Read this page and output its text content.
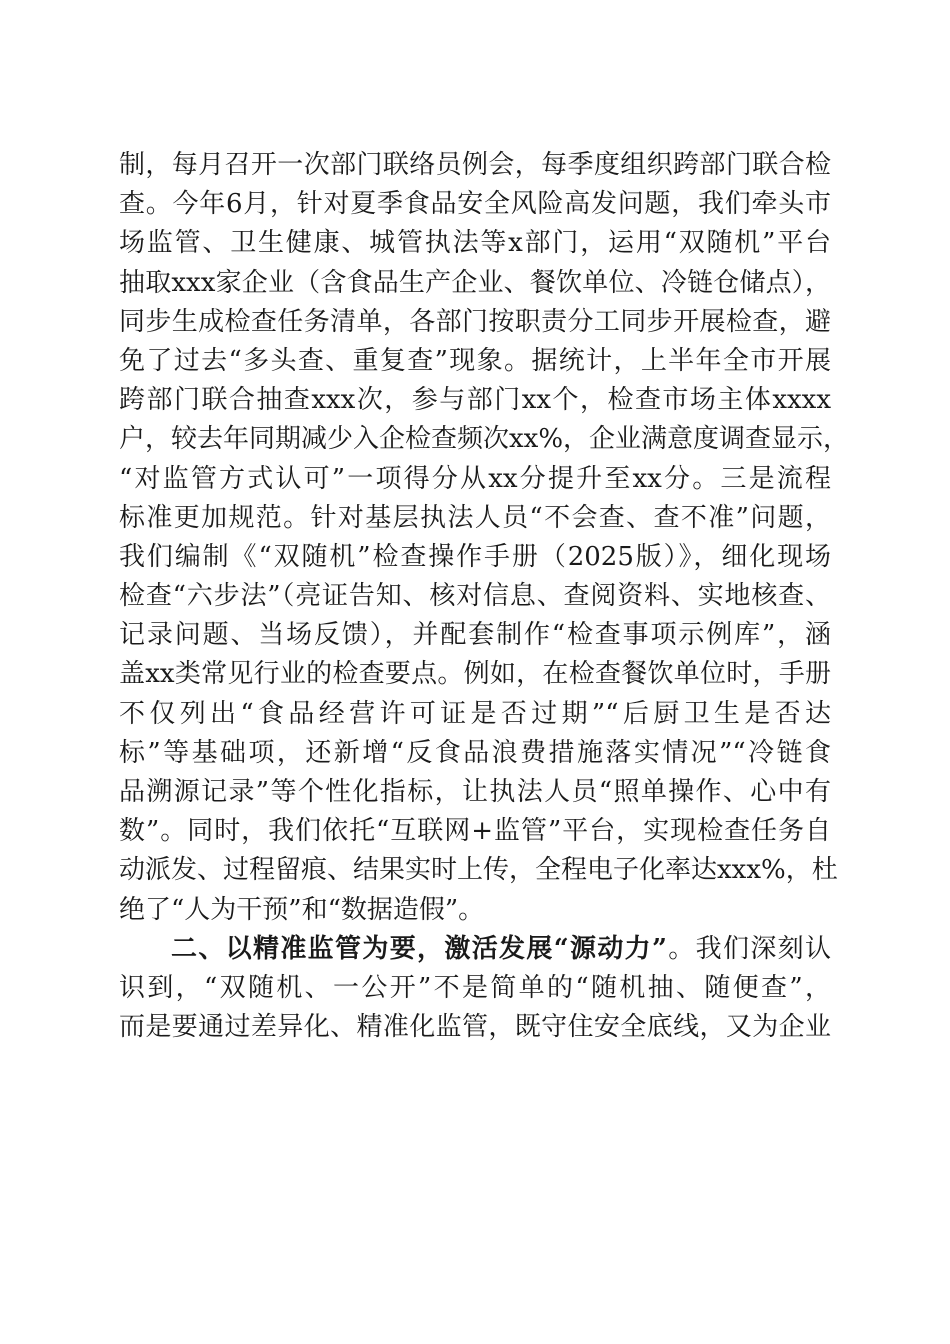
制，每月召开一次部门联络员例会，每季度组织跨部门联合检
查。今年6月，针对夏季食品安全风险高发问题，我们牵头市
场监管、卫生健康、城管执法等x部门，运用“双随机”平台
抽取xxx家企业（含食品生产企业、餐饮单位、冷链仓储点），
同步生成检查任务清单，各部门按职责分工同步开展检查，避
免了过去“多头查、重复查”现象。据统计，上半年全市开展
跨部门联合抽查xxx次，参与部门xx个，检查市场主体xxxx
户，较去年同期减少入企检查频次xx%，企业满意度调查显示，
“对监管方式认可”一项得分从xx分提升至xx分。三是流程
标准更加规范。针对基层执法人员“不会查、查不准”问题，
我们编制《“双随机”检查操作手册（2025版）》，细化现场
检查“六步法”（亮证告知、核对信息、查阅资料、实地核查、
记录问题、当场反馈），并配套制作“检查事项示例库”，涵
盖xx类常见行业的检查要点。例如，在检查餐饮单位时，手册
不仅列出“食品经营许可证是否过期”“后厨卫生是否达
标”等基础项，还新增“反食品浪费措施落实情况”“冷链食
品溯源记录”等个性化指标，让执法人员“照单操作、心中有
数”。同时，我们依托“互联网+监管”平台，实现检查任务自
动派发、过程留痕、结果实时上传，全程电子化率达xxx%，杜
绝了“人为干预”和“数据造假”。
二、以精准监管为要，激活发展“源动力”。我们深刻认
识到，“双随机、一公开”不是简单的“随机抽、随便查”，
而是要通过差异化、精准化监管，既守住安全底线，又为企业
